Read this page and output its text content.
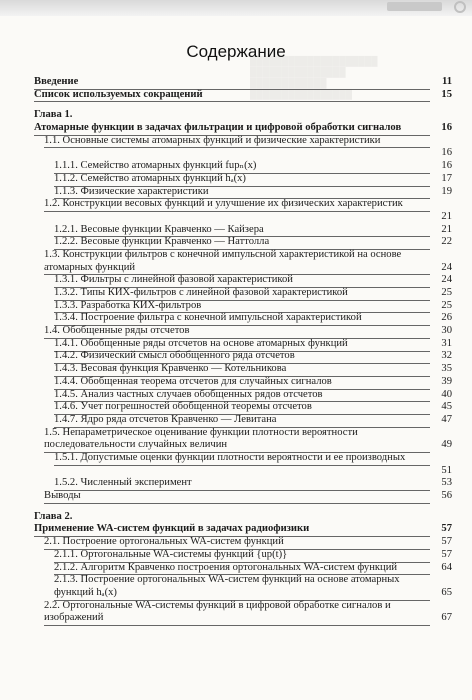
████████████████████
███████████████
████████████
████████████████
Содержание
Введение	11
Список используемых сокращений	15
Глава 1.
Атомарные функции в задачах фильтрации и цифровой обработки сигналов	16
1.1. Основные системы атомарных функций и физические характеристики
16
1.1.1. Семейство атомарных функций fupₙ(x)	16
1.1.2. Семейство атомарных функций hₐ(x)	17
1.1.3. Физические характеристики	19
1.2. Конструкции весовых функций и улучшение их физических характеристик
21
1.2.1. Весовые функции Кравченко — Кайзера	21
1.2.2. Весовые функции Кравченко — Наттолла	22
1.3. Конструкции фильтров с конечной импульсной характеристикой на основе атомарных функций	24
1.3.1. Фильтры с линейной фазовой характеристикой	24
1.3.2. Типы КИХ-фильтров с линейной фазовой характеристикой	25
1.3.3. Разработка КИХ-фильтров	25
1.3.4. Построение фильтра с конечной импульсной характеристикой	26
1.4. Обобщенные ряды отсчетов	30
1.4.1. Обобщенные ряды отсчетов на основе атомарных функций	31
1.4.2. Физический смысл обобщенного ряда отсчетов	32
1.4.3. Весовая функция Кравченко — Котельникова	35
1.4.4. Обобщенная теорема отсчетов для случайных сигналов	39
1.4.5. Анализ частных случаев обобщенных рядов отсчетов	40
1.4.6. Учет погрешностей обобщенной теоремы отсчетов	45
1.4.7. Ядро ряда отсчетов Кравченко — Левитана	47
1.5. Непараметрическое оценивание функции плотности вероятности последовательности случайных величин	49
1.5.1. Допустимые оценки функции плотности вероятности и ее производных
51
1.5.2. Численный эксперимент	53
Выводы	56
Глава 2.
Применение WA-систем функций в задачах радиофизики	57
2.1. Построение ортогональных WA-систем функций	57
2.1.1. Ортогональные WA-системы функций {up(t)}	57
2.1.2. Алгоритм Кравченко построения ортогональных WA-систем функций	64
2.1.3. Построение ортогональных WA-систем функций на основе атомарных функций hₐ(x)	65
2.2. Ортогональные WA-системы функций в цифровой обработке сигналов и изображений	67
